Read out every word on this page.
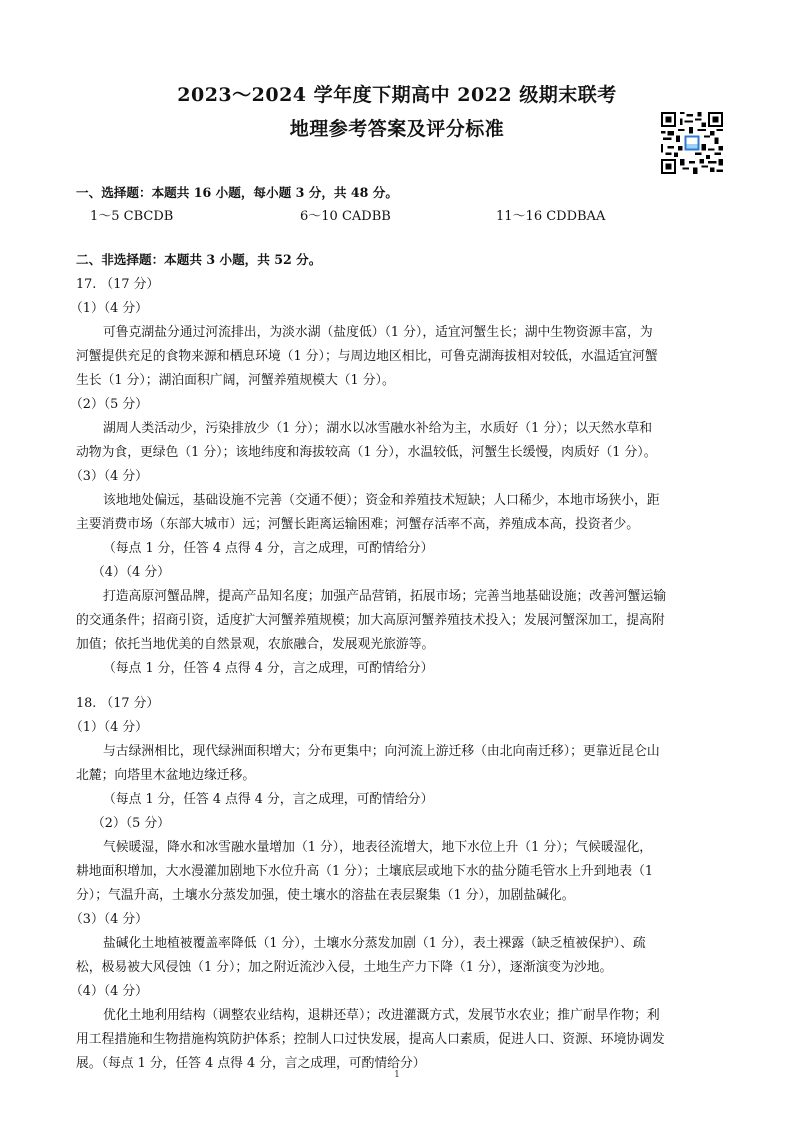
2023～2024 学年度下期高中 2022 级期末联考
地理参考答案及评分标准
一、选择题：本题共 16 小题，每小题 3 分，共 48 分。
1～5 CBCDB	6～10 CADBB	11～16 CDDBAA
二、非选择题：本题共 3 小题，共 52 分。
17. （17 分）
（1）（4 分）
可鲁克湖盐分通过河流排出，为淡水湖（盐度低）（1 分），适宜河蟹生长；湖中生物资源丰富，为
河蟹提供充足的食物来源和栖息环境（1 分）；与周边地区相比，可鲁克湖海拔相对较低，水温适宜河蟹
生长（1 分）；湖泊面积广阔，河蟹养殖规模大（1 分）。
（2）（5 分）
湖周人类活动少，污染排放少（1 分）；湖水以冰雪融水补给为主，水质好（1 分）；以天然水草和
动物为食，更绿色（1 分）；该地纬度和海拔较高（1 分），水温较低，河蟹生长缓慢，肉质好（1 分）。
（3）（4 分）
该地地处偏远，基础设施不完善（交通不便）；资金和养殖技术短缺；人口稀少，本地市场狭小，距
主要消费市场（东部大城市）远；河蟹长距离运输困难；河蟹存活率不高，养殖成本高，投资者少。
（每点 1 分，任答 4 点得 4 分，言之成理，可酌情给分）
（4）（4 分）
打造高原河蟹品牌，提高产品知名度；加强产品营销，拓展市场；完善当地基础设施；改善河蟹运输
的交通条件；招商引资，适度扩大河蟹养殖规模；加大高原河蟹养殖技术投入；发展河蟹深加工，提高附
加值；依托当地优美的自然景观，农旅融合，发展观光旅游等。
（每点 1 分，任答 4 点得 4 分，言之成理，可酌情给分）
18. （17 分）
（1）（4 分）
与古绿洲相比，现代绿洲面积增大；分布更集中；向河流上游迁移（由北向南迁移）；更靠近昆仑山
北麓；向塔里木盆地边缘迁移。
（每点 1 分，任答 4 点得 4 分，言之成理，可酌情给分）
（2）（5 分）
气候暖湿，降水和冰雪融水量增加（1 分），地表径流增大，地下水位上升（1 分）；气候暖湿化，
耕地面积增加，大水漫灌加剧地下水位升高（1 分）；土壤底层或地下水的盐分随毛管水上升到地表（1
分）；气温升高，土壤水分蒸发加强，使土壤水的溶盐在表层聚集（1 分），加剧盐碱化。
（3）（4 分）
盐碱化土地植被覆盖率降低（1 分），土壤水分蒸发加剧（1 分），表土裸露（缺乏植被保护）、疏
松，极易被大风侵蚀（1 分）；加之附近流沙入侵，土地生产力下降（1 分），逐渐演变为沙地。
（4）（4 分）
优化土地利用结构（调整农业结构，退耕还草）；改进灌溉方式，发展节水农业；推广耐旱作物；利
用工程措施和生物措施构筑防护体系；控制人口过快发展，提高人口素质，促进人口、资源、环境协调发
展。（每点 1 分，任答 4 点得 4 分，言之成理，可酌情给分）
1
